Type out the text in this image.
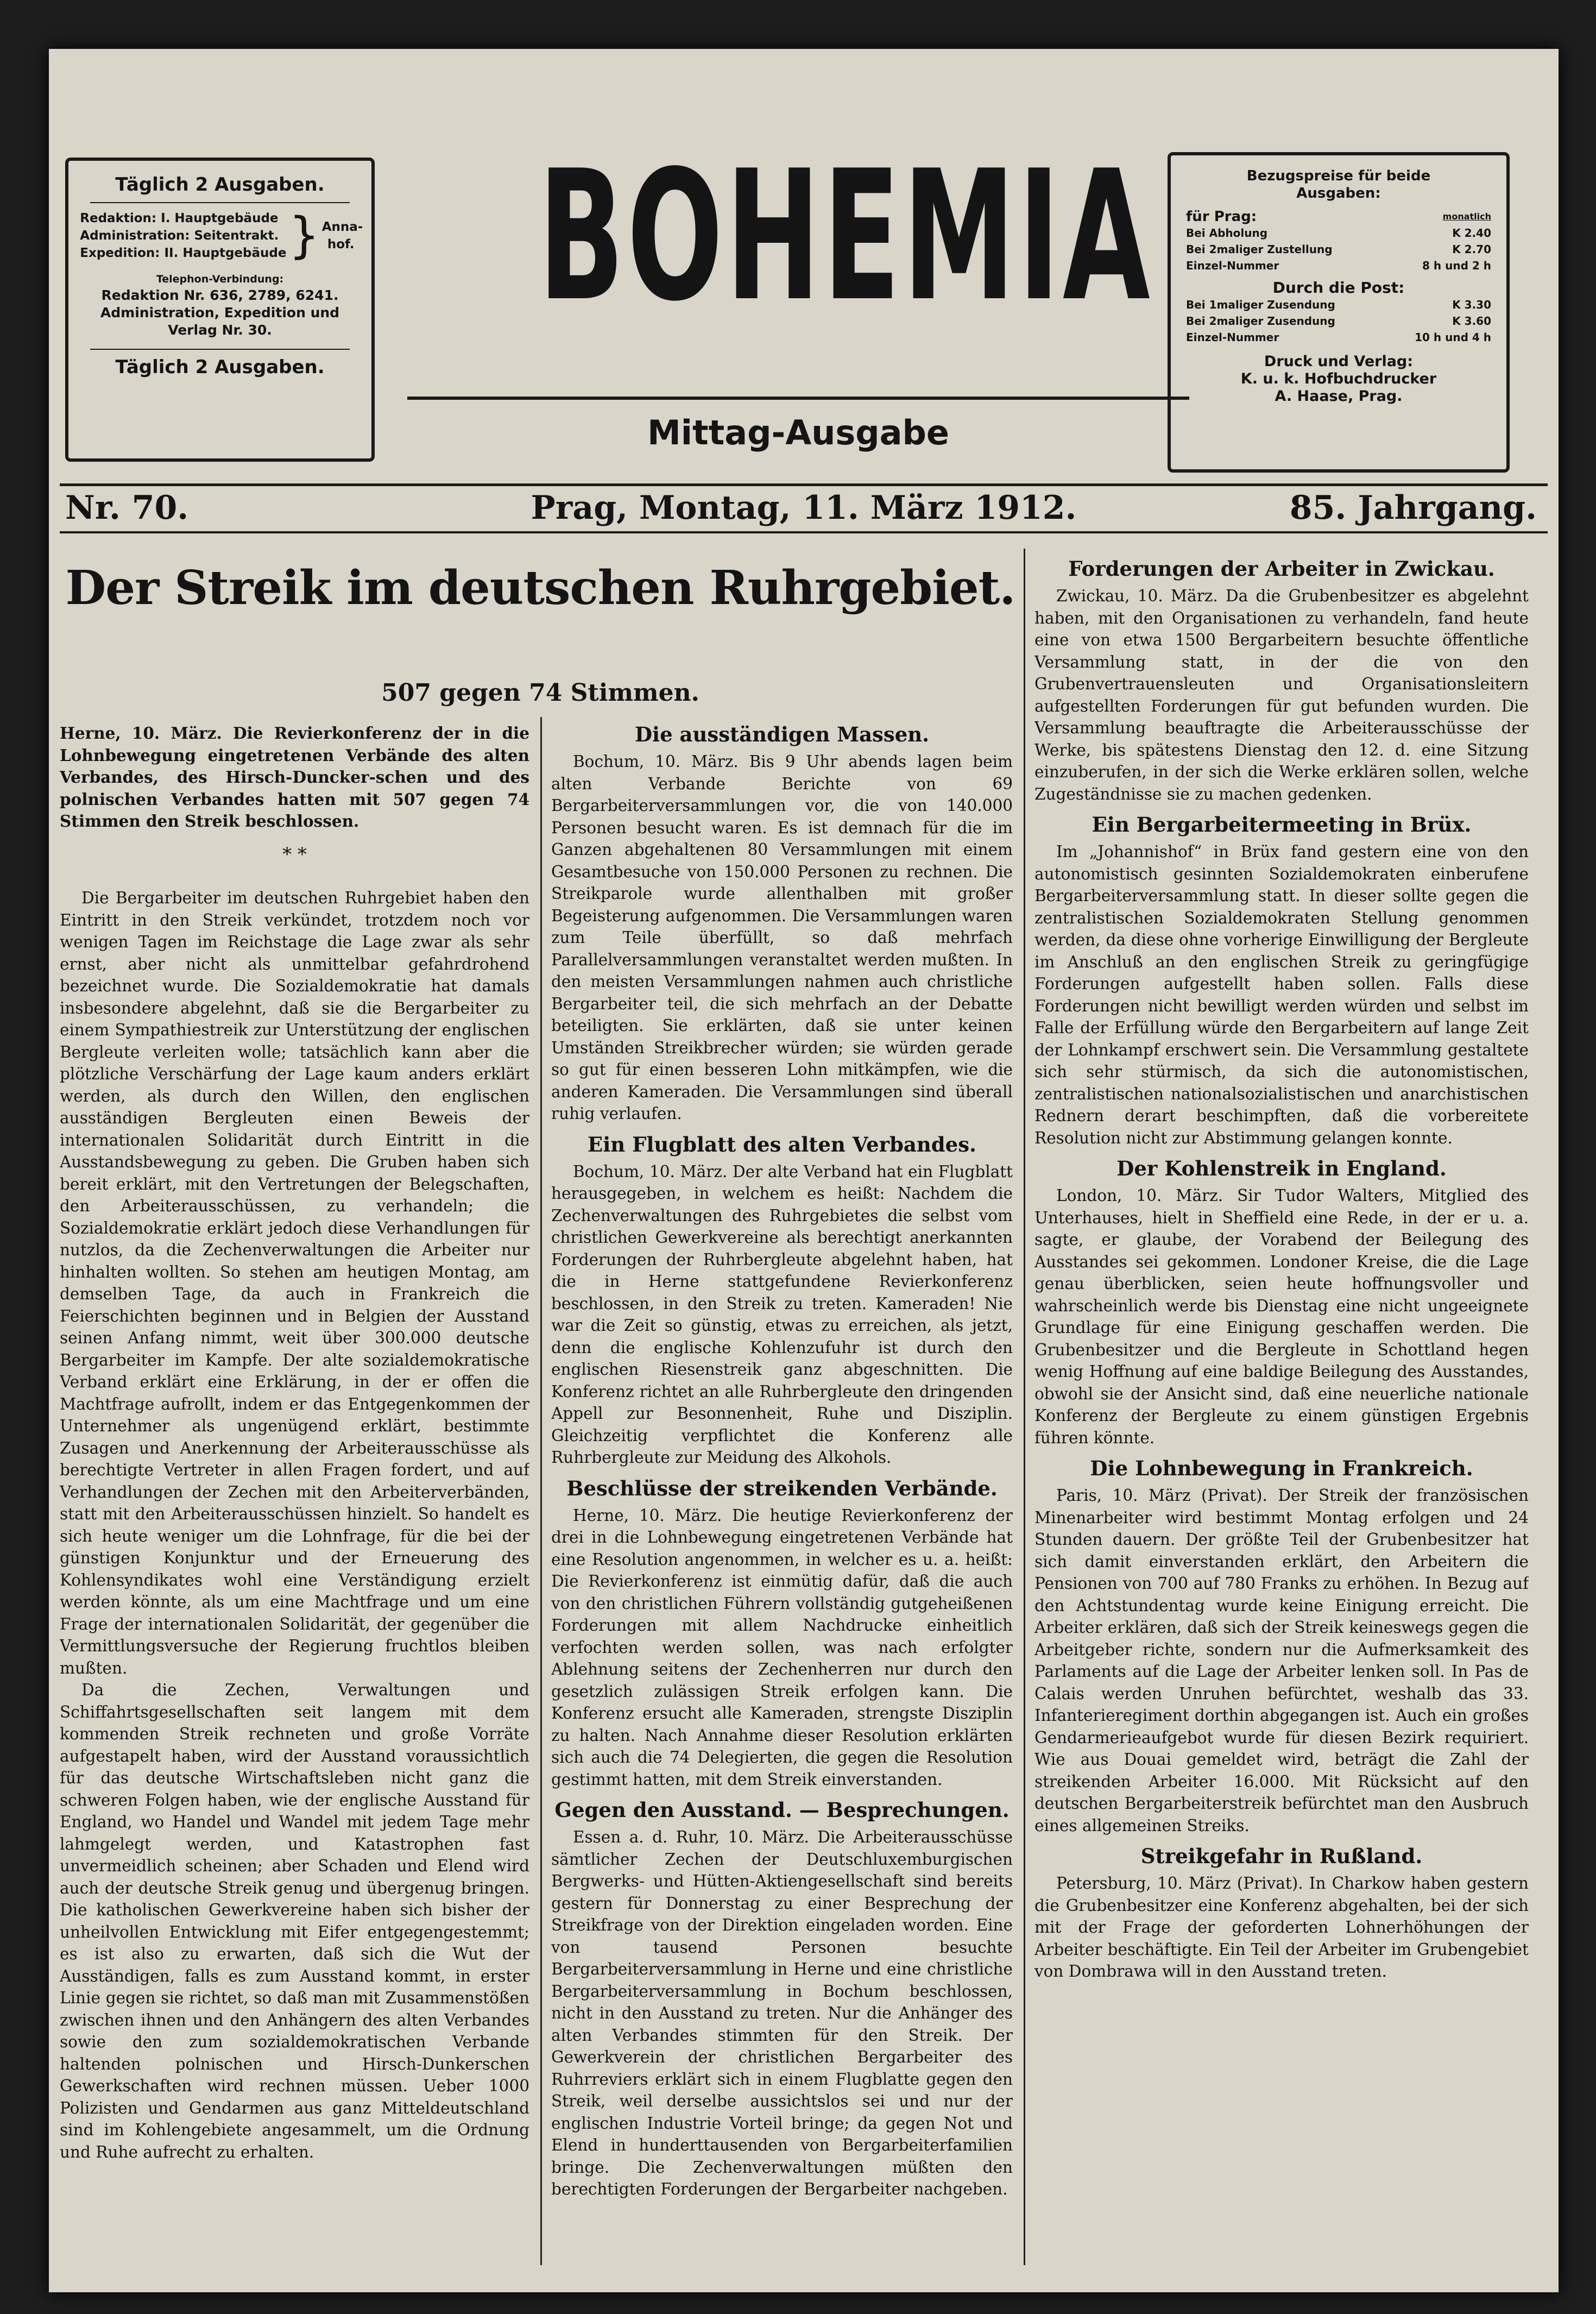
Täglich 2 Ausgaben.
Redaktion: I. Hauptgebäude
Administration: Seitentrakt.
Expedition: II. Hauptgebäude } Anna-hof.
Telephon-Verbindung:
Redaktion Nr. 636, 2789, 6241.
Administration, Expedition und Verlag Nr. 30.
Täglich 2 Ausgaben.
BOHEMIA
Mittag-Ausgabe
Bezugspreise für beide Ausgaben:
für Prag:	monatlich
Bei Abholung	K 2.40
Bei 2maliger Zustellung	K 2.70
Einzel-Nummer	8 h und 2 h
Durch die Post:
Bei 1maliger Zusendung	K 3.30
Bei 2maliger Zusendung	K 3.60
Einzel-Nummer	10 h und 4 h
Druck und Verlag:
K. u. k. Hofbuchdrucker
A. Haase, Prag.
Nr. 70.	Prag, Montag, 11. März 1912.	85. Jahrgang.
Der Streik im deutschen Ruhrgebiet.
507 gegen 74 Stimmen.

Herne, 10. März. Die Revierkonferenz der in die Lohnbewegung eingetretenen Verbände des alten Verbandes, des Hirsch-Duncker-schen und des polnischen Verbandes hatten mit 507 gegen 74 Stimmen den Streik beschlossen.

* *

Die Bergarbeiter im deutschen Ruhrgebiet haben den Eintritt in den Streik verkündet, trotzdem noch vor wenigen Tagen im Reichstage die Lage zwar als sehr ernst, aber nicht als unmittelbar gefahrdrohend bezeichnet wurde. Die Sozialdemokratie hat damals insbesondere abgelehnt, daß sie die Bergarbeiter zu einem Sympathiestreik zur Unterstützung der englischen Bergleute verleiten wolle; tatsächlich kann aber die plötzliche Verschärfung der Lage kaum anders erklärt werden, als durch den Willen, den englischen ausständigen Bergleuten einen Beweis der internationalen Solidarität durch Eintritt in die Ausstandsbewegung zu geben. Die Gruben haben sich bereit erklärt, mit den Vertretungen der Belegschaften, den Arbeiterausschüssen, zu verhandeln; die Sozialdemokratie erklärt jedoch diese Verhandlungen für nutzlos, da die Zechenverwaltungen die Arbeiter nur hinhalten wollten. So stehen am heutigen Montag, am demselben Tage, da auch in Frankreich die Feierschichten beginnen und in Belgien der Ausstand seinen Anfang nimmt, weit über 300.000 deutsche Bergarbeiter im Kampfe. Der alte sozialdemokratische Verband erklärt eine Erklärung, in der er offen die Machtfrage aufrollt, indem er das Entgegenkommen der Unternehmer als ungenügend erklärt, bestimmte Zusagen und Anerkennung der Arbeiterausschüsse als berechtigte Vertreter in allen Fragen fordert, und auf Verhandlungen der Zechen mit den Arbeiterverbänden, statt mit den Arbeiterausschüssen hinzielt. So handelt es sich heute weniger um die Lohnfrage, für die bei der günstigen Konjunktur und der Erneuerung des Kohlensyndikates wohl eine Verständigung erzielt werden könnte, als um eine Machtfrage und um eine Frage der internationalen Solidarität, der gegenüber die Vermittlungsversuche der Regierung fruchtlos bleiben mußten.

Da die Zechen, Verwaltungen und Schiffahrtsgesellschaften seit langem mit dem kommenden Streik rechneten und große Vorräte aufgestapelt haben, wird der Ausstand voraussichtlich für das deutsche Wirtschaftsleben nicht ganz die schweren Folgen haben, wie der englische Ausstand für England, wo Handel und Wandel mit jedem Tage mehr lahmgelegt werden, und Katastrophen fast unvermeidlich scheinen; aber Schaden und Elend wird auch der deutsche Streik genug und übergenug bringen. Die katholischen Gewerkvereine haben sich bisher der unheilvollen Entwicklung mit Eifer entgegengestemmt; es ist also zu erwarten, daß sich die Wut der Ausständigen, falls es zum Ausstand kommt, in erster Linie gegen sie richtet, so daß man mit Zusammenstößen zwischen ihnen und den Anhängern des alten Verbandes sowie den zum sozialdemokratischen Verbande haltenden polnischen und Hirsch-Dunkerschen Gewerkschaften wird rechnen müssen. Ueber 1000 Polizisten und Gendarmen aus ganz Mitteldeutschland sind im Kohlengebiete angesammelt, um die Ordnung und Ruhe aufrecht zu erhalten.

Die ausständigen Massen.

Bochum, 10. März. Bis 9 Uhr abends lagen beim alten Verbande Berichte von 69 Bergarbeiterversammlungen vor, die von 140.000 Personen besucht waren. Es ist demnach für die im Ganzen abgehaltenen 80 Versammlungen mit einem Gesamtbesuche von 150.000 Personen zu rechnen. Die Streikparole wurde allenthalben mit großer Begeisterung aufgenommen. Die Versammlungen waren zum Teile überfüllt, so daß mehrfach Parallelversammlungen veranstaltet werden mußten. In den meisten Versammlungen nahmen auch christliche Bergarbeiter teil, die sich mehrfach an der Debatte beteiligten. Sie erklärten, daß sie unter keinen Umständen Streikbrecher würden; sie würden gerade so gut für einen besseren Lohn mitkämpfen, wie die anderen Kameraden. Die Versammlungen sind überall ruhig verlaufen.

Ein Flugblatt des alten Verbandes.

Bochum, 10. März. Der alte Verband hat ein Flugblatt herausgegeben, in welchem es heißt: Nachdem die Zechenverwaltungen des Ruhrgebietes die selbst vom christlichen Gewerkvereine als berechtigt anerkannten Forderungen der Ruhrbergleute abgelehnt haben, hat die in Herne stattgefundene Revierkonferenz beschlossen, in den Streik zu treten. Kameraden! Nie war die Zeit so günstig, etwas zu erreichen, als jetzt, denn die englische Kohlenzufuhr ist durch den englischen Riesenstreik ganz abgeschnitten. Die Konferenz richtet an alle Ruhrbergleute den dringenden Appell zur Besonnenheit, Ruhe und Disziplin. Gleichzeitig verpflichtet die Konferenz alle Ruhrbergleute zur Meidung des Alkohols.

Beschlüsse der streikenden Verbände.

Herne, 10. März. Die heutige Revierkonferenz der drei in die Lohnbewegung eingetretenen Verbände hat eine Resolution angenommen, in welcher es u. a. heißt: Die Revierkonferenz ist einmütig dafür, daß die auch von den christlichen Führern vollständig gutgeheißenen Forderungen mit allem Nachdrucke einheitlich verfochten werden sollen, was nach erfolgter Ablehnung seitens der Zechenherren nur durch den gesetzlich zulässigen Streik erfolgen kann. Die Konferenz ersucht alle Kameraden, strengste Disziplin zu halten. Nach Annahme dieser Resolution erklärten sich auch die 74 Delegierten, die gegen die Resolution gestimmt hatten, mit dem Streik einverstanden.

Gegen den Ausstand. — Besprechungen.

Essen a. d. Ruhr, 10. März. Die Arbeiterausschüsse sämtlicher Zechen der Deutschluxemburgischen Bergwerks- und Hütten-Aktiengesellschaft sind bereits gestern für Donnerstag zu einer Besprechung der Streikfrage von der Direktion eingeladen worden. Eine von tausend Personen besuchte Bergarbeiterversammlung in Herne und eine christliche Bergarbeiterversammlung in Bochum beschlossen, nicht in den Ausstand zu treten. Nur die Anhänger des alten Verbandes stimmten für den Streik. Der Gewerkverein der christlichen Bergarbeiter des Ruhrreviers erklärt sich in einem Flugblatte gegen den Streik, weil derselbe aussichtslos sei und nur der englischen Industrie Vorteil bringe; da gegen Not und Elend in hunderttausenden von Bergarbeiterfamilien bringe. Die Zechenverwaltungen müßten den berechtigten Forderungen der Bergarbeiter nachgeben.

Forderungen der Arbeiter in Zwickau.

Zwickau, 10. März. Da die Grubenbesitzer es abgelehnt haben, mit den Organisationen zu verhandeln, fand heute eine von etwa 1500 Bergarbeitern besuchte öffentliche Versammlung statt, in der die von den Grubenvertrauensleuten und Organisationsleitern aufgestellten Forderungen für gut befunden wurden. Die Versammlung beauftragte die Arbeiterausschüsse der Werke, bis spätestens Dienstag den 12. d. eine Sitzung einzuberufen, in der sich die Werke erklären sollen, welche Zugeständnisse sie zu machen gedenken.

Ein Bergarbeitermeeting in Brüx.

Im „Johannishof“ in Brüx fand gestern eine von den autonomistisch gesinnten Sozialdemokraten einberufene Bergarbeiterversammlung statt. In dieser sollte gegen die zentralistischen Sozialdemokraten Stellung genommen werden, da diese ohne vorherige Einwilligung der Bergleute im Anschluß an den englischen Streik zu geringfügige Forderungen aufgestellt haben sollen. Falls diese Forderungen nicht bewilligt werden würden und selbst im Falle der Erfüllung würde den Bergarbeitern auf lange Zeit der Lohnkampf erschwert sein. Die Versammlung gestaltete sich sehr stürmisch, da sich die autonomistischen, zentralistischen nationalsozialistischen und anarchistischen Rednern derart beschimpften, daß die vorbereitete Resolution nicht zur Abstimmung gelangen konnte.

Der Kohlenstreik in England.

London, 10. März. Sir Tudor Walters, Mitglied des Unterhauses, hielt in Sheffield eine Rede, in der er u. a. sagte, er glaube, der Vorabend der Beilegung des Ausstandes sei gekommen. Londoner Kreise, die die Lage genau überblicken, seien heute hoffnungsvoller und wahrscheinlich werde bis Dienstag eine nicht ungeeignete Grundlage für eine Einigung geschaffen werden. Die Grubenbesitzer und die Bergleute in Schottland hegen wenig Hoffnung auf eine baldige Beilegung des Ausstandes, obwohl sie der Ansicht sind, daß eine neuerliche nationale Konferenz der Bergleute zu einem günstigen Ergebnis führen könnte.

Die Lohnbewegung in Frankreich.

Paris, 10. März (Privat). Der Streik der französischen Minenarbeiter wird bestimmt Montag erfolgen und 24 Stunden dauern. Der größte Teil der Grubenbesitzer hat sich damit einverstanden erklärt, den Arbeitern die Pensionen von 700 auf 780 Franks zu erhöhen. In Bezug auf den Achtstundentag wurde keine Einigung erreicht. Die Arbeiter erklären, daß sich der Streik keineswegs gegen die Arbeitgeber richte, sondern nur die Aufmerksamkeit des Parlaments auf die Lage der Arbeiter lenken soll. In Pas de Calais werden Unruhen befürchtet, weshalb das 33. Infanterieregiment dorthin abgegangen ist. Auch ein großes Gendarmerieaufgebot wurde für diesen Bezirk requiriert. Wie aus Douai gemeldet wird, beträgt die Zahl der streikenden Arbeiter 16.000. Mit Rücksicht auf den deutschen Bergarbeiterstreik befürchtet man den Ausbruch eines allgemeinen Streiks.

Streikgefahr in Rußland.

Petersburg, 10. März (Privat). In Charkow haben gestern die Grubenbesitzer eine Konferenz abgehalten, bei der sich mit der Frage der geforderten Lohnerhöhungen der Arbeiter beschäftigte. Ein Teil der Arbeiter im Grubengebiet von Dombrawa will in den Ausstand treten.
